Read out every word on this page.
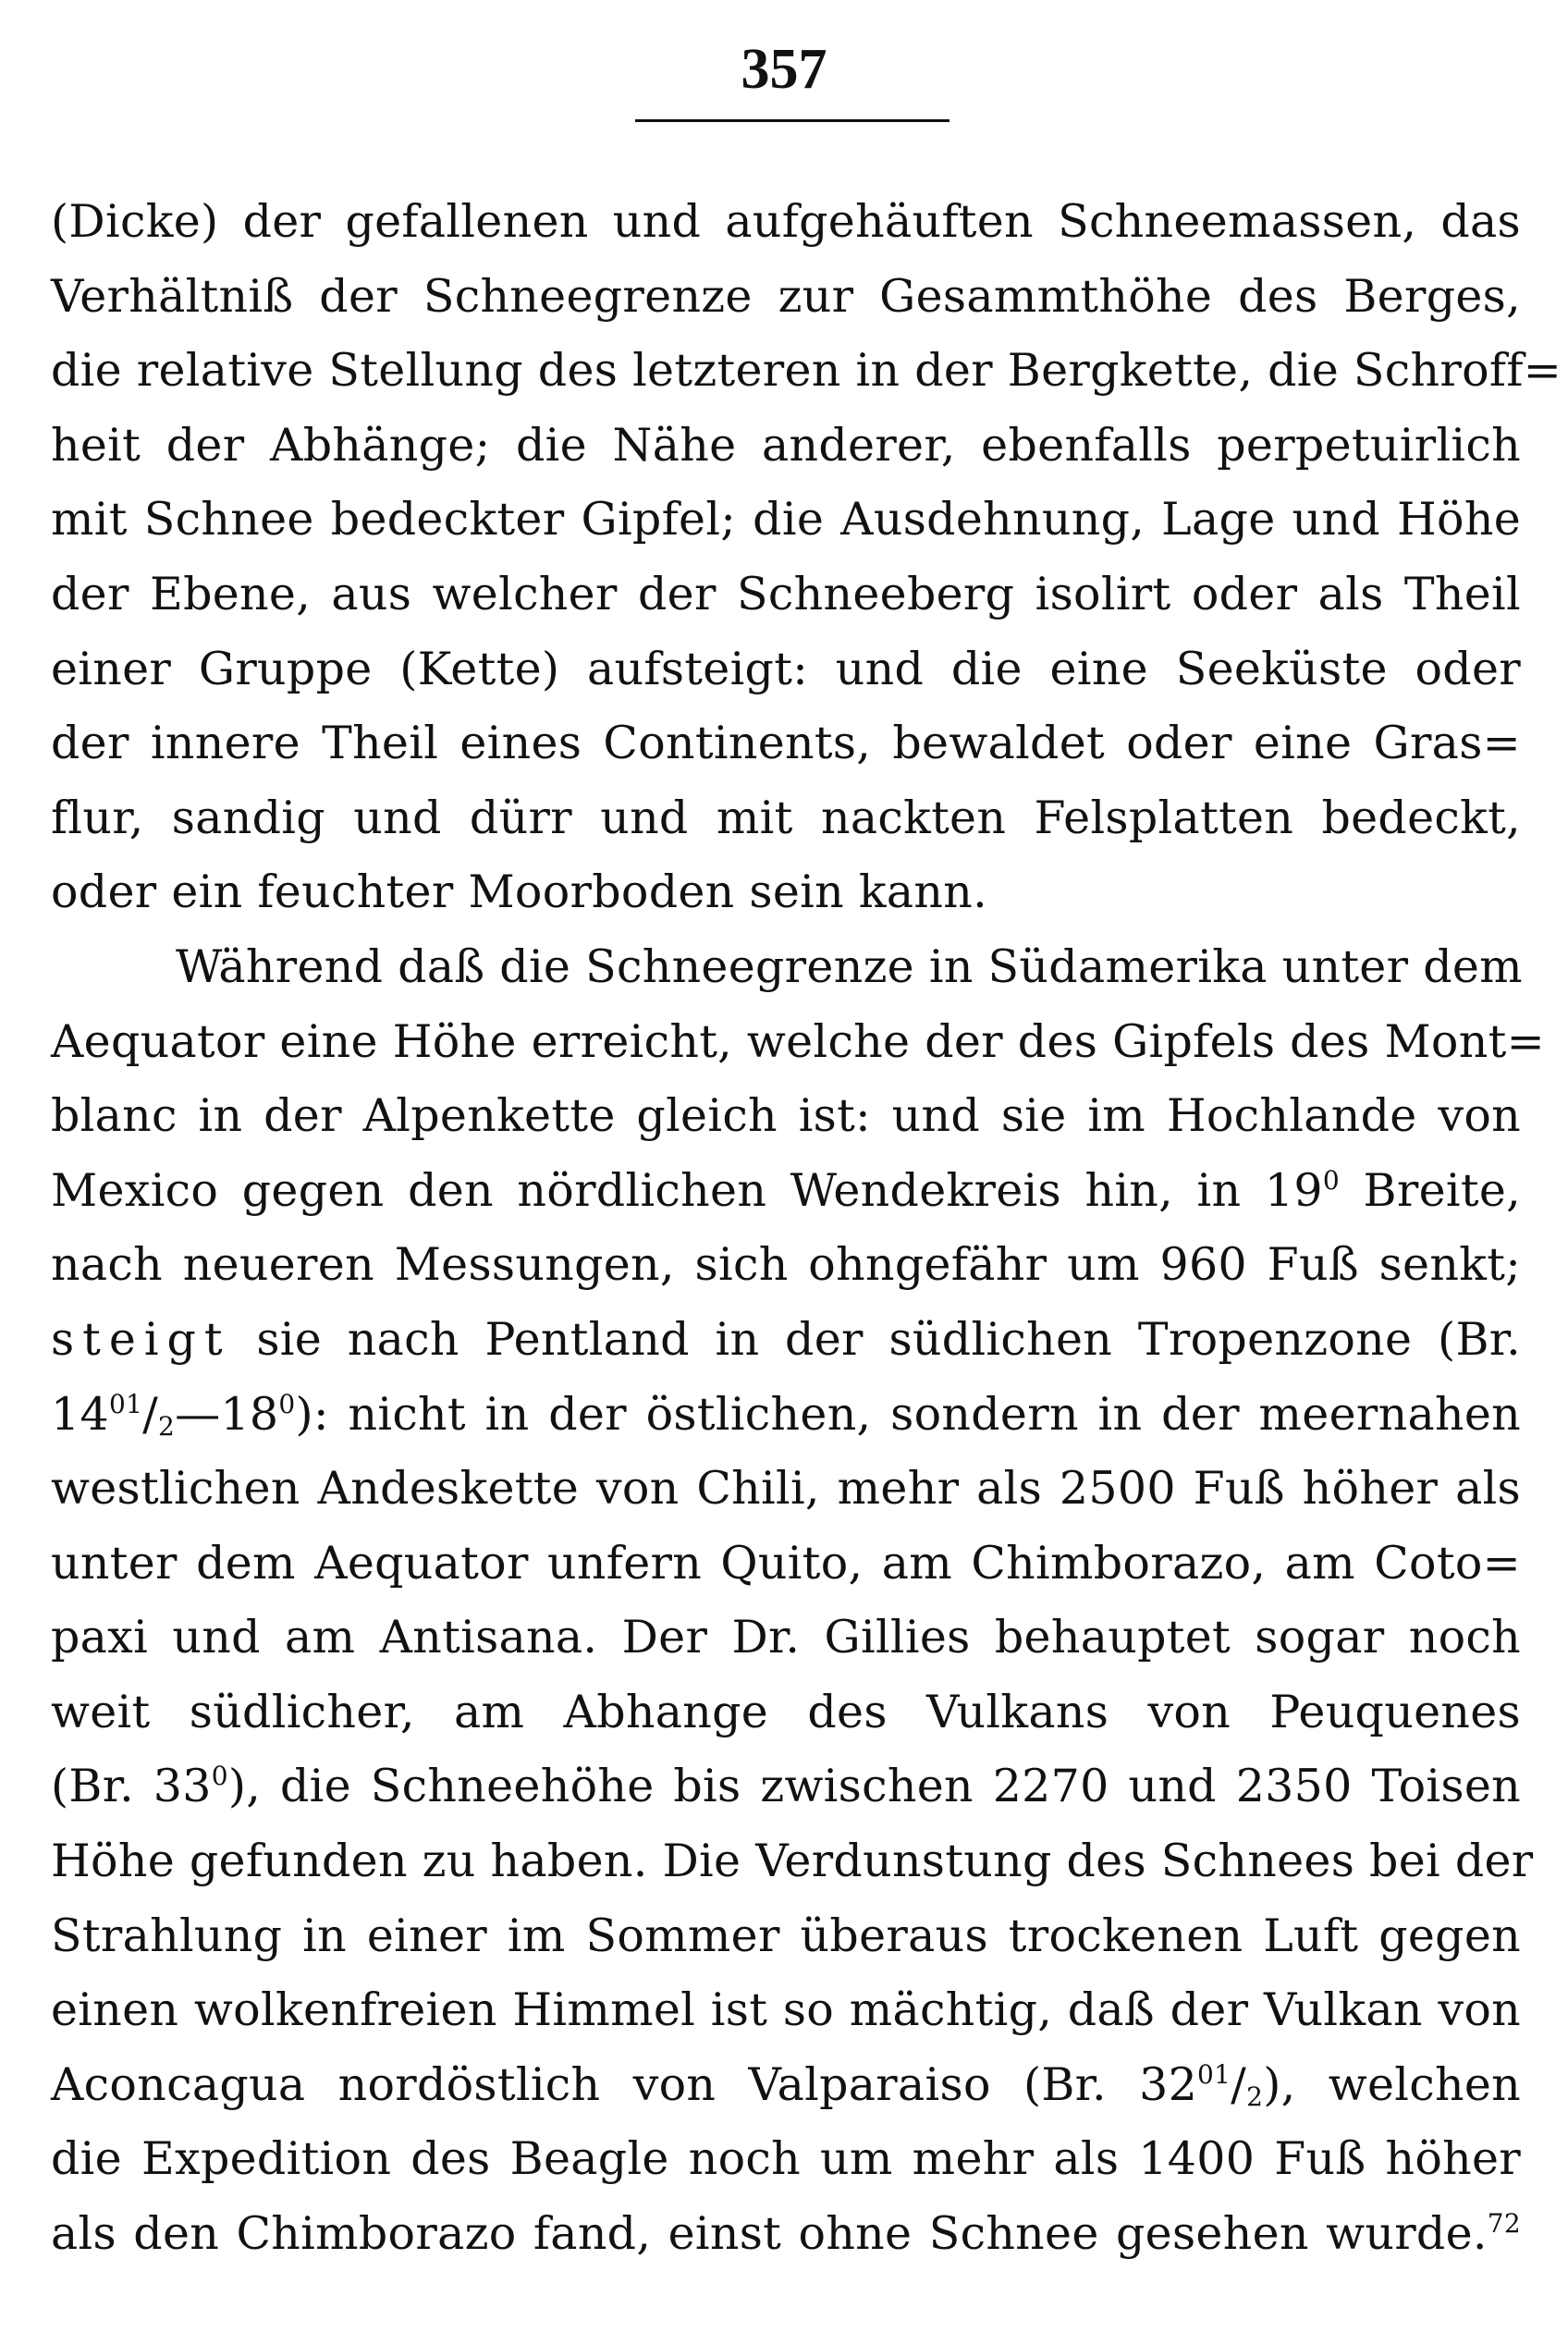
357
(Dicke) der gefallenen und aufgehäuften Schneemassen, das
Verhältniß der Schneegrenze zur Gesammthöhe des Berges,
die relative Stellung des letzteren in der Bergkette, die Schroff=
heit der Abhänge; die Nähe anderer, ebenfalls perpetuirlich
mit Schnee bedeckter Gipfel; die Ausdehnung, Lage und Höhe
der Ebene, aus welcher der Schneeberg isolirt oder als Theil
einer Gruppe (Kette) aufsteigt: und die eine Seeküste oder
der innere Theil eines Continents, bewaldet oder eine Gras=
flur, sandig und dürr und mit nackten Felsplatten bedeckt,
oder ein feuchter Moorboden sein kann.
Während daß die Schneegrenze in Südamerika unter dem
Aequator eine Höhe erreicht, welche der des Gipfels des Mont=
blanc in der Alpenkette gleich ist: und sie im Hochlande von
Mexico gegen den nördlichen Wendekreis hin, in $19^0$ Breite,
nach neueren Messungen, sich ohngefähr um 960 Fuß senkt;
steigt sie nach Pentland in der südlichen Tropenzone (Br.
$14^{01}/_2—18^0$): nicht in der östlichen, sondern in der meernahen
westlichen Andeskette von Chili, mehr als 2500 Fuß höher als
unter dem Aequator unfern Quito, am Chimborazo, am Coto=
paxi und am Antisana. Der Dr. Gillies behauptet sogar noch
weit südlicher, am Abhange des Vulkans von Peuquenes
(Br. $33^0$), die Schneehöhe bis zwischen 2270 und 2350 Toisen
Höhe gefunden zu haben. Die Verdunstung des Schnees bei der
Strahlung in einer im Sommer überaus trockenen Luft gegen
einen wolkenfreien Himmel ist so mächtig, daß der Vulkan von
Aconcagua nordöstlich von Valparaiso (Br. $32^{01}/_2$), welchen
die Expedition des Beagle noch um mehr als 1400 Fuß höher
als den Chimborazo fand, einst ohne Schnee gesehen wurde.$^{72}$
